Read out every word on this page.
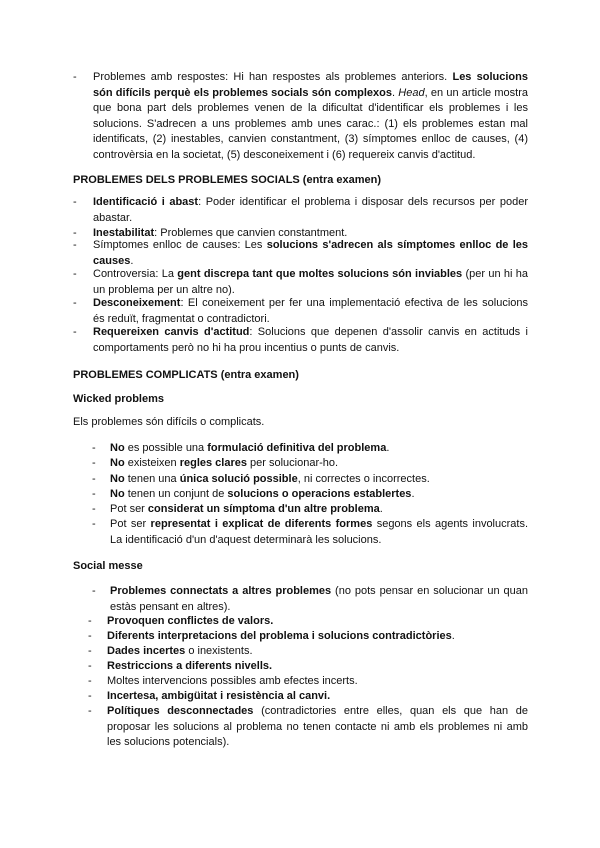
-	Problemes amb respostes: Hi han respostes als problemes anteriors. Les solucions són difícils perquè els problemes socials són complexos. Head, en un article mostra que bona part dels problemes venen de la dificultat d'identificar els problemes i les solucions. S'adrecen a uns problemes amb unes carac.: (1) els problemes estan mal identificats, (2) inestables, canvien constantment, (3) símptomes enlloc de causes, (4) controvèrsia en la societat, (5) desconeixement i (6) requereix canvis d'actitud.
PROBLEMES DELS PROBLEMES SOCIALS (entra examen)
-	Identificació i abast: Poder identificar el problema i disposar dels recursos per poder abastar.
-	Inestabilitat: Problemes que canvien constantment.
-	Símptomes enlloc de causes: Les solucions s'adrecen als símptomes enlloc de les causes.
-	Controversia: La gent discrepa tant que moltes solucions són inviables (per un hi ha un problema per un altre no).
-	Desconeixement: El coneixement per fer una implementació efectiva de les solucions és reduït, fragmentat o contradictori.
-	Requereixen canvis d'actitud: Solucions que depenen d'assolir canvis en actituds i comportaments però no hi ha prou incentius o punts de canvis.
PROBLEMES COMPLICATS (entra examen)
Wicked problems
Els problemes són difícils o complicats.
-	No es possible una formulació definitiva del problema.
-	No existeixen regles clares per solucionar-ho.
-	No tenen una única solució possible, ni correctes o incorrectes.
-	No tenen un conjunt de solucions o operacions establertes.
-	Pot ser considerat un símptoma d'un altre problema.
-	Pot ser representat i explicat de diferents formes segons els agents involucrats. La identificació d'un d'aquest determinarà les solucions.
Social messe
-	Problemes connectats a altres problemes (no pots pensar en solucionar un quan estàs pensant en altres).
-	Provoquen conflictes de valors.
-	Diferents interpretacions del problema i solucions contradictòries.
-	Dades incertes o inexistents.
-	Restriccions a diferents nivells.
-	Moltes intervencions possibles amb efectes incerts.
-	Incertesa, ambigüitat i resistència al canvi.
-	Polítiques desconnectades (contradictories entre elles, quan els que han de proposar les solucions al problema no tenen contacte ni amb els problemes ni amb les solucions potencials).
